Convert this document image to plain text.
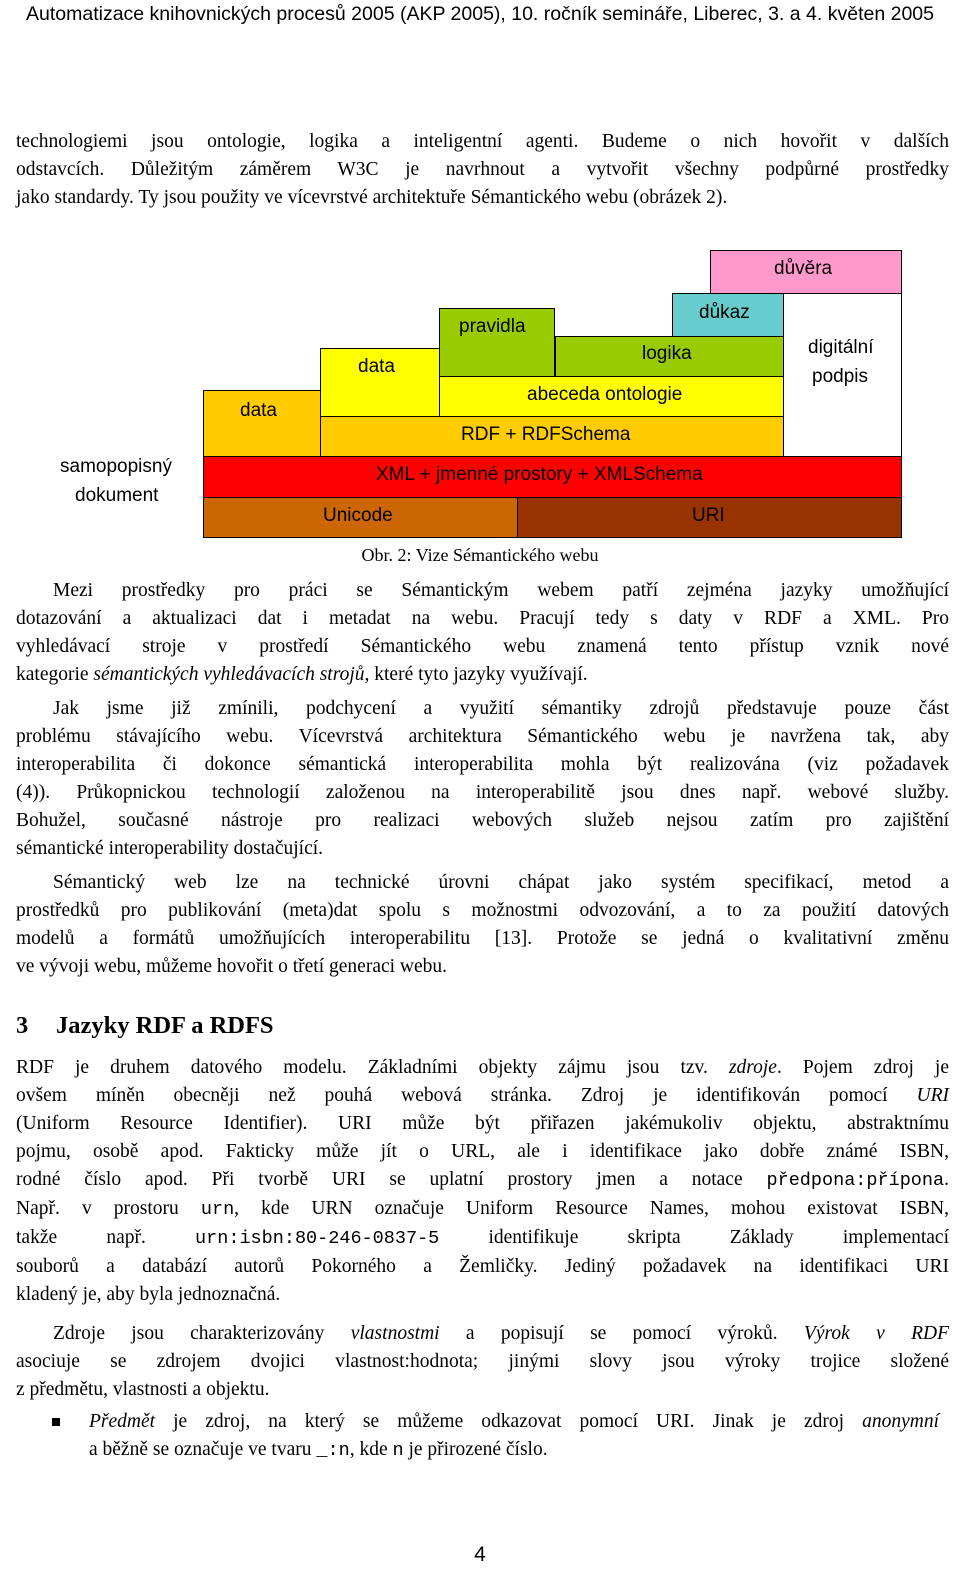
Automatizace knihovnických procesů 2005 (AKP 2005), 10. ročník semináře, Liberec, 3. a 4. květen 2005
technologiemi jsou ontologie, logika a inteligentní agenti. Budeme o nich hovořit v dalších
odstavcích. Důležitým záměrem W3C je navrhnout a vytvořit všechny podpůrné prostředky
jako standardy. Ty jsou použity ve vícevrstvé architektuře Sémantického webu (obrázek 2).
důvěra
důkaz
pravidla
logika
data
abeceda ontologie
data
RDF + RDFSchema
XML + jmenné prostory + XMLSchema
Unicode	URI
digitální
podpis
samopopisný
dokument
Obr. 2: Vize Sémantického webu
Mezi prostředky pro práci se Sémantickým webem patří zejména jazyky umožňující
dotazování a aktualizaci dat i metadat na webu. Pracují tedy s daty v RDF a XML. Pro
vyhledávací stroje v prostředí Sémantického webu znamená tento přístup vznik nové
kategorie sémantických vyhledávacích strojů, které tyto jazyky využívají.
Jak jsme již zmínili, podchycení a využití sémantiky zdrojů představuje pouze část
problému stávajícího webu. Vícevrstvá architektura Sémantického webu je navržena tak, aby
interoperabilita či dokonce sémantická interoperabilita mohla být realizována (viz požadavek
(4)). Průkopnickou technologií založenou na interoperabilitě jsou dnes např. webové služby.
Bohužel, současné nástroje pro realizaci webových služeb nejsou zatím pro zajištění
sémantické interoperability dostačující.
Sémantický web lze na technické úrovni chápat jako systém specifikací, metod a
prostředků pro publikování (meta)dat spolu s možnostmi odvozování, a to za použití datových
modelů a formátů umožňujících interoperabilitu [13]. Protože se jedná o kvalitativní změnu
ve vývoji webu, můžeme hovořit o třetí generaci webu.
3 Jazyky RDF a RDFS
RDF je druhem datového modelu. Základními objekty zájmu jsou tzv. zdroje. Pojem zdroj je
ovšem míněn obecněji než pouhá webová stránka. Zdroj je identifikován pomocí URI
(Uniform Resource Identifier). URI může být přiřazen jakémukoliv objektu, abstraktnímu
pojmu, osobě apod. Fakticky může jít o URL, ale i identifikace jako dobře známé ISBN,
rodné číslo apod. Při tvorbě URI se uplatní prostory jmen a notace předpona:přípona.
Např. v prostoru urn, kde URN označuje Uniform Resource Names, mohou existovat ISBN,
takže např. urn:isbn:80-246-0837-5 identifikuje skripta Základy implementací
souborů a databází autorů Pokorného a Žemličky. Jediný požadavek na identifikaci URI
kladený je, aby byla jednoznačná.
Zdroje jsou charakterizovány vlastnostmi a popisují se pomocí výroků. Výrok v RDF
asociuje se zdrojem dvojici vlastnost:hodnota; jinými slovy jsou výroky trojice složené
z předmětu, vlastnosti a objektu.
Předmět je zdroj, na který se můžeme odkazovat pomocí URI. Jinak je zdroj anonymní
a běžně se označuje ve tvaru _:n, kde n je přirozené číslo.
4
